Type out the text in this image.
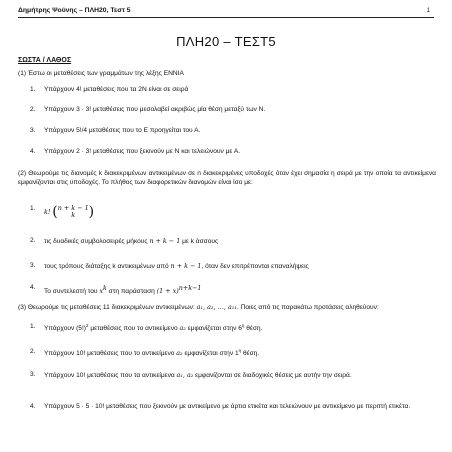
Δημήτρης Ψούνης – ΠΛΗ20, Τεστ 5	1
ΠΛΗ20 – ΤΕΣΤ5
ΣΩΣΤΑ / ΛΑΘΟΣ
(1) Έστω οι μεταθέσεις των γραμμάτων της λέξης ΕΝΝΙΑ
1. Υπάρχουν 4! μεταθέσεις που τα 2Ν είναι σε σειρά
2. Υπάρχουν 3 · 3! μεταθέσεις που μεσολαβεί ακριβώς μία θέση μεταξύ των Ν.
3. Υπάρχουν 5!/4 μεταθέσεις που το Ε προηγείται του Α.
4. Υπάρχουν 2 · 3! μεταθέσεις που ξεκινούν με Ν και τελειώνουν με Α.
(2) Θεωρούμε τις διανομές k διακεκριμένων αντικειμένων σε n διακεκριμένες υποδοχές όταν έχει σημασία η σειρά με την οποία τα αντικείμενα εμφανίζονται στις υποδοχές. Το πλήθος των διαφορετικών διανομών είναι ίσο με:
1. k! ( n + k − 1
k )
2. τις δυαδικές συμβολοσειρές μήκους n + k − 1 με k άσσους
3. τους τρόπους διάταξης k αντικειμένων από n + k − 1, όταν δεν επιτρέπονται επαναλήψεις
4.Το συντελεστή του $x^k$ στη παράσταση $(1 + x)^{n+k-1}$
(3) Θεωρούμε τις μεταθέσεις 11 διακεκριμένων αντικειμένων: a₁, a₂, …, a₁₁. Ποιες από τις παρακάτω προτάσεις αληθεύουν:
1. Υπάρχουν $(5!)^2$ μεταθέσεις που το αντικείμενο a₂ εμφανίζεται στην $6^\eta$ θέση.
2. Υπάρχουν 10! μεταθέσεις που το αντικείμενο a₂ εμφανίζεται στην $1^\eta$ θέση.
3. Υπάρχουν 10! μεταθέσεις που τα αντικείμενα a₁, a₂ εμφανίζονται σε διαδοχικές θέσεις με αυτήν την σειρά.
4. Υπάρχουν 5 · 5 · 10! μεταθέσεις που ξεκινούν με αντικείμενο με άρτια ετικέτα και τελειώνουν με αντικείμενο με περιττή ετικέτα.
